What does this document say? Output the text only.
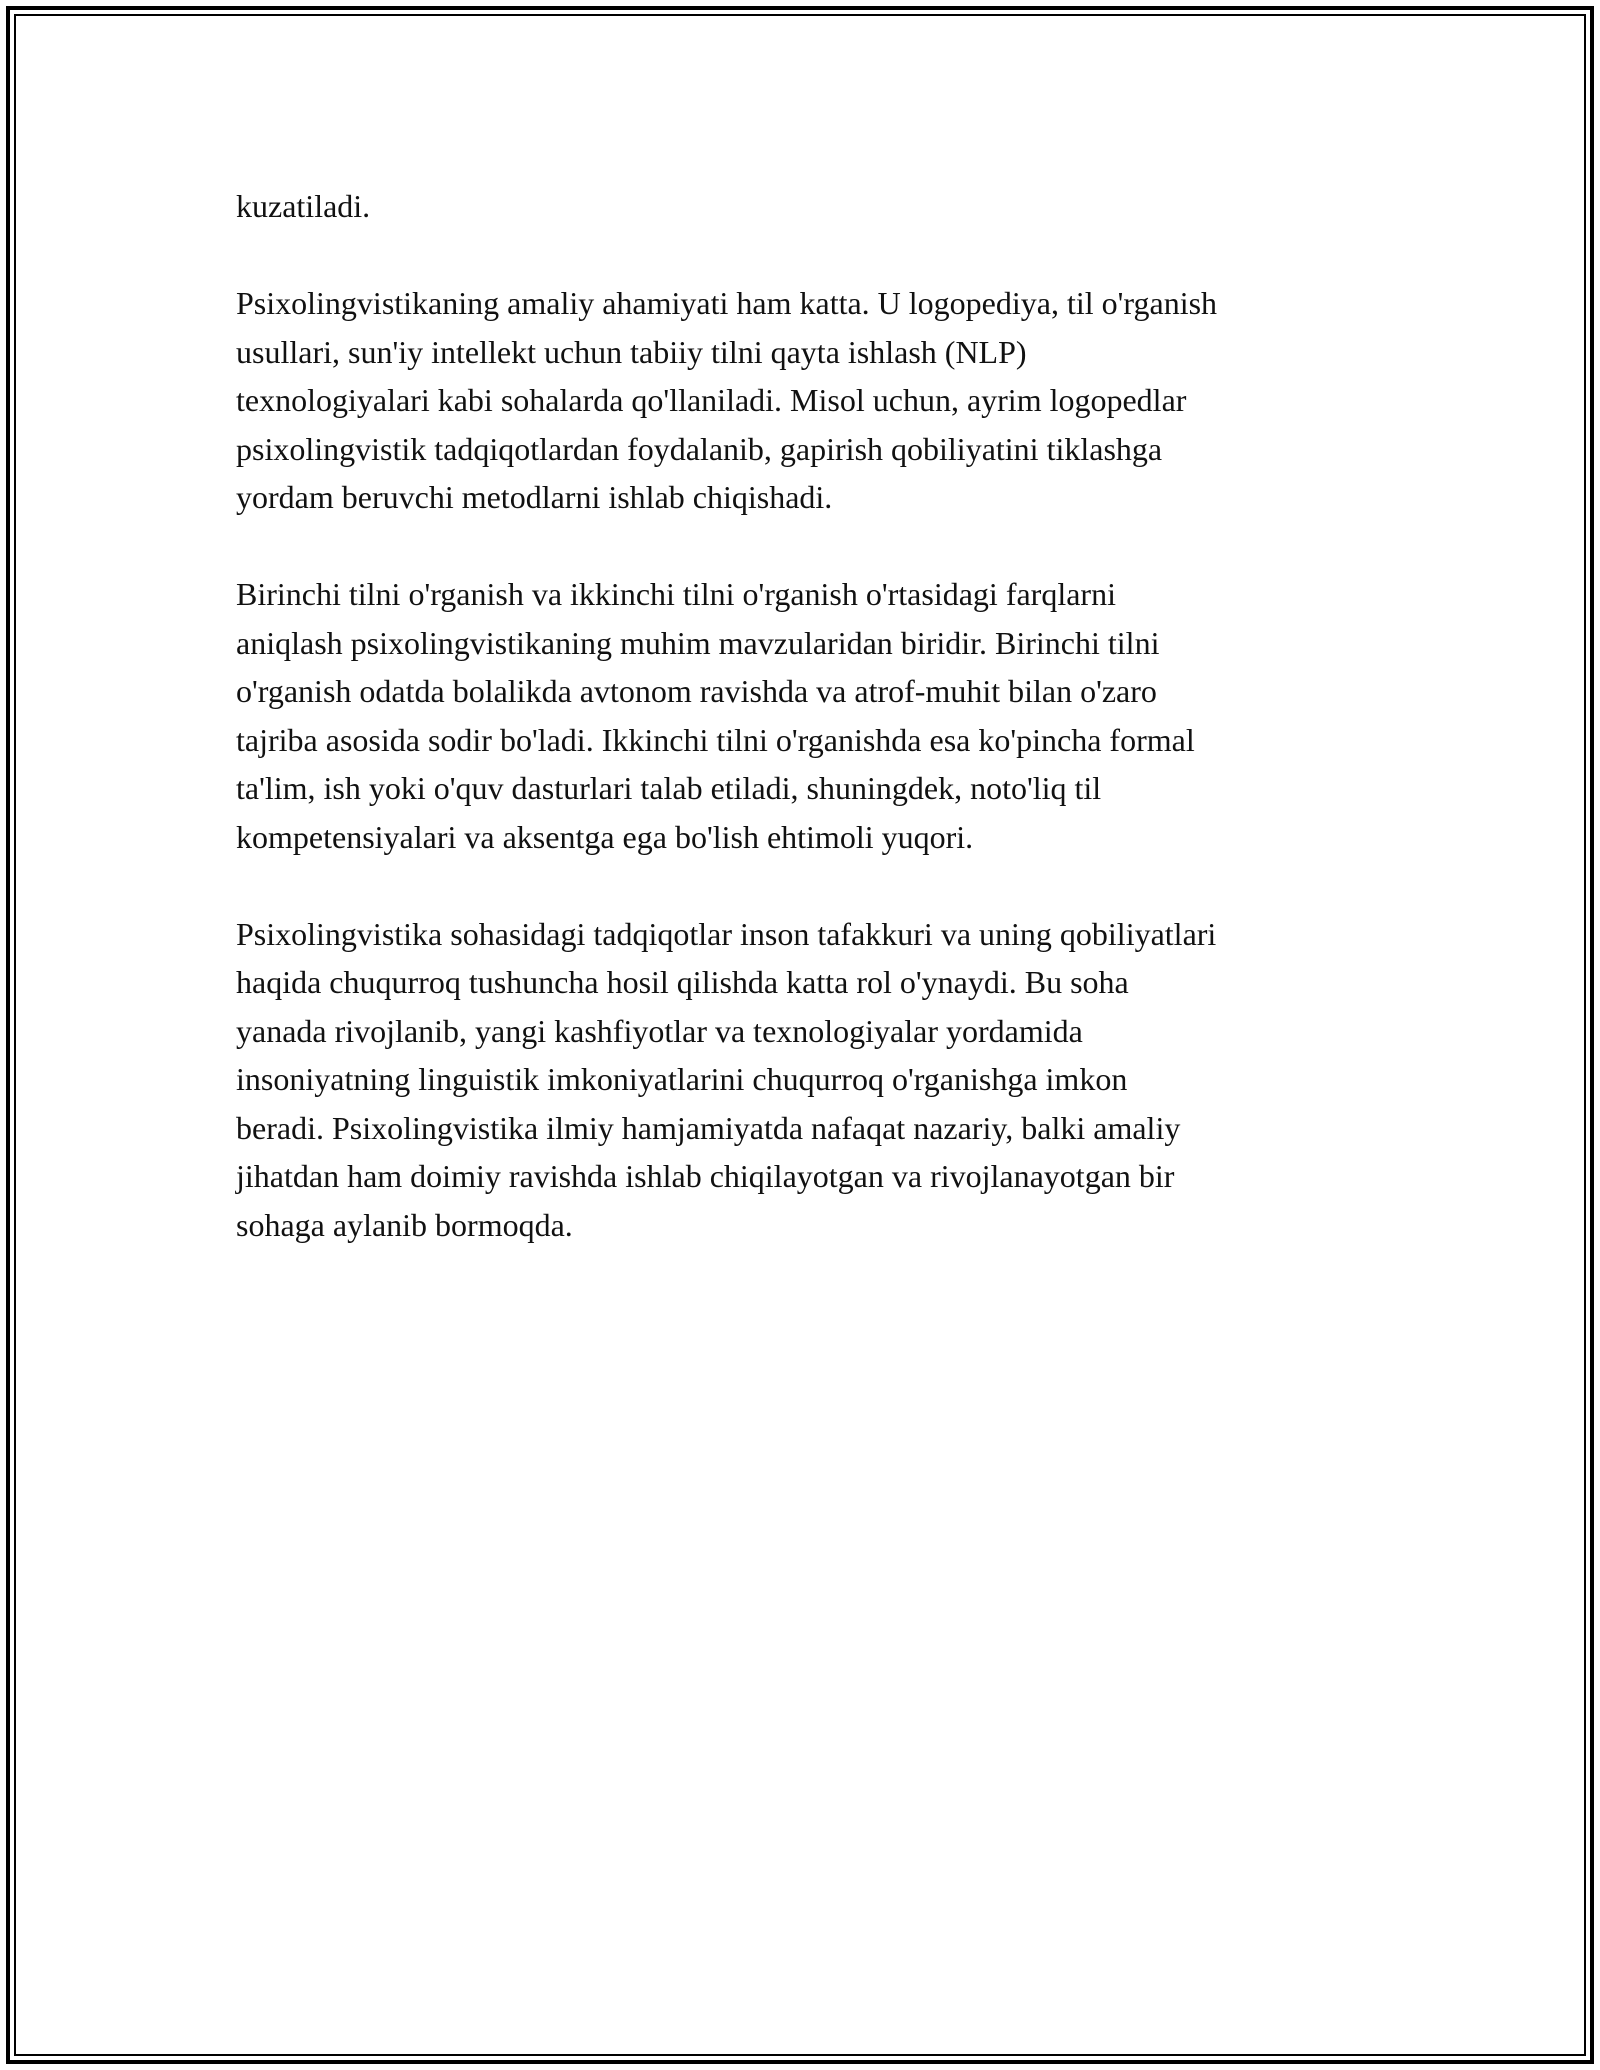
kuzatiladi.

Psixolingvistikaning amaliy ahamiyati ham katta. U logopediya, til o'rganish
usullari, sun'iy intellekt uchun tabiiy tilni qayta ishlash (NLP)
texnologiyalari kabi sohalarda qo'llaniladi. Misol uchun, ayrim logopedlar
psixolingvistik tadqiqotlardan foydalanib, gapirish qobiliyatini tiklashga
yordam beruvchi metodlarni ishlab chiqishadi.

Birinchi tilni o'rganish va ikkinchi tilni o'rganish o'rtasidagi farqlarni
aniqlash psixolingvistikaning muhim mavzularidan biridir. Birinchi tilni
o'rganish odatda bolalikda avtonom ravishda va atrof-muhit bilan o'zaro
tajriba asosida sodir bo'ladi. Ikkinchi tilni o'rganishda esa ko'pincha formal
ta'lim, ish yoki o'quv dasturlari talab etiladi, shuningdek, noto'liq til
kompetensiyalari va aksentga ega bo'lish ehtimoli yuqori.

Psixolingvistika sohasidagi tadqiqotlar inson tafakkuri va uning qobiliyatlari
haqida chuqurroq tushuncha hosil qilishda katta rol o'ynaydi. Bu soha
yanada rivojlanib, yangi kashfiyotlar va texnologiyalar yordamida
insoniyatning linguistik imkoniyatlarini chuqurroq o'rganishga imkon
beradi. Psixolingvistika ilmiy hamjamiyatda nafaqat nazariy, balki amaliy
jihatdan ham doimiy ravishda ishlab chiqilayotgan va rivojlanayotgan bir
sohaga aylanib bormoqda.
